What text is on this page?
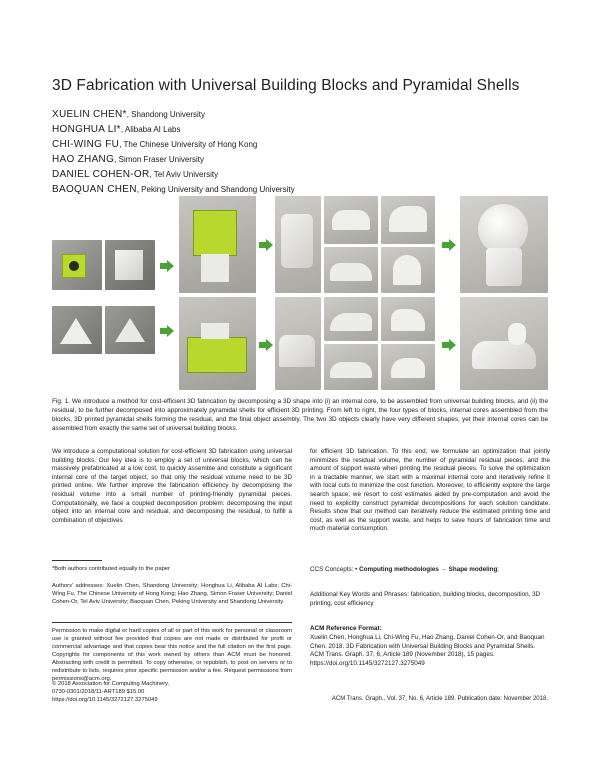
3D Fabrication with Universal Building Blocks and Pyramidal Shells
XUELIN CHEN*, Shandong University
HONGHUA LI*, Alibaba AI Labs
CHI-WING FU, The Chinese University of Hong Kong
HAO ZHANG, Simon Fraser University
DANIEL COHEN-OR, Tel Aviv University
BAOQUAN CHEN, Peking University and Shandong University
Fig. 1. We introduce a method for cost-efficient 3D fabrication by decomposing a 3D shape into (i) an internal core, to be assembled from universal building blocks, and (ii) the residual, to be further decomposed into approximately pyramidal shells for efficient 3D printing. From left to right, the four types of blocks, internal cores assembled from the blocks, 3D printed pyramidal shells forming the residual, and the final object assembly. The two 3D objects clearly have very different shapes, yet their internal cores can be assembled from exactly the same set of universal building blocks.
We introduce a computational solution for cost-efficient 3D fabrication using universal building blocks. Our key idea is to employ a set of universal blocks, which can be massively prefabricated at a low cost, to quickly assemble and constitute a significant internal core of the target object, so that only the residual volume need to be 3D printed online. We further improve the fabrication efficiency by decomposing the residual volume into a small number of printing-friendly pyramidal pieces. Computationally, we face a coupled decomposition problem: decomposing the input object into an internal core and residual, and decomposing the residual, to fulfill a combination of objectives
for efficient 3D fabrication. To this end, we formulate an optimization that jointly minimizes the residual volume, the number of pyramidal residual pieces, and the amount of support waste when printing the residual pieces. To solve the optimization in a tractable manner, we start with a maximal internal core and iteratively refine it with local cuts to minimize the cost function. Moreover, to efficiently explore the large search space, we resort to cost estimates aided by pre-computation and avoid the need to explicitly construct pyramidal decompositions for each solution candidate. Results show that our method can iteratively reduce the estimated printing time and cost, as well as the support waste, and helps to save hours of fabrication time and much material consumption.
*Both authors contributed equally to the paper
Authors' addresses: Xuelin Chen, Shandong University; Honghua Li, Alibaba AI Labs; Chi-Wing Fu, The Chinese University of Hong Kong; Hao Zhang, Simon Fraser University; Daniel Cohen-Or, Tel Aviv University; Baoquan Chen, Peking University and Shandong University.
Permission to make digital or hard copies of all or part of this work for personal or classroom use is granted without fee provided that copies are not made or distributed for profit or commercial advantage and that copies bear this notice and the full citation on the first page. Copyrights for components of this work owned by others than ACM must be honored. Abstracting with credit is permitted. To copy otherwise, or republish, to post on servers or to redistribute to lists, requires prior specific permission and/or a fee. Request permissions from permissions@acm.org.
© 2018 Association for Computing Machinery.
0730-0301/2018/11-ART189 $15.00
https://doi.org/10.1145/3272127.3275049
CCS Concepts: • Computing methodologies → Shape modeling;
Additional Key Words and Phrases: fabrication, building blocks, decomposition, 3D printing, cost efficiency
ACM Reference Format:
Xuelin Chen, Honghua Li, Chi-Wing Fu, Hao Zhang, Daniel Cohen-Or, and Baoquan Chen. 2018. 3D Fabrication with Universal Building Blocks and Pyramidal Shells. ACM Trans. Graph. 37, 6, Article 189 (November 2018), 15 pages. https://doi.org/10.1145/3272127.3275049
ACM Trans. Graph., Vol. 37, No. 6, Article 189. Publication date: November 2018.
